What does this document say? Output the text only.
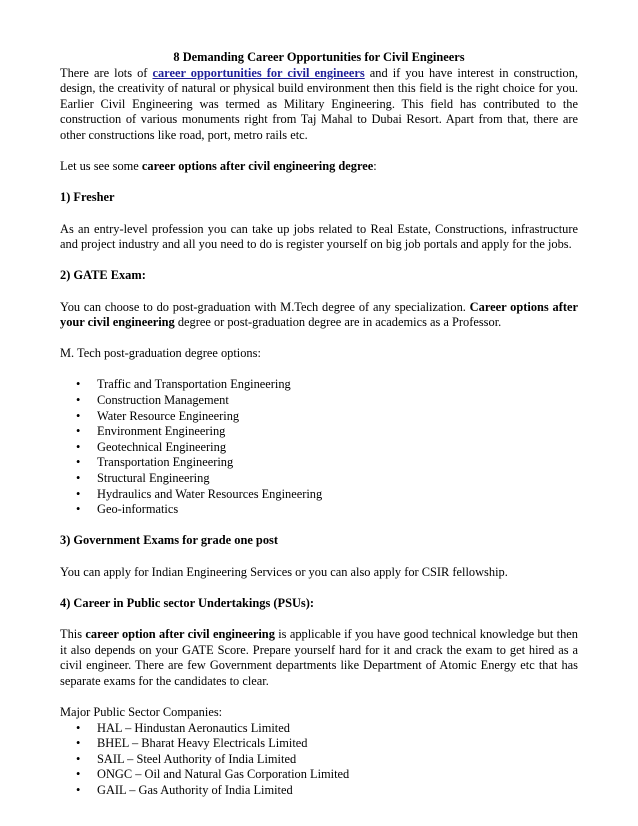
8 Demanding Career Opportunities for Civil Engineers

There are lots of career opportunities for civil engineers and if you have interest in construction, design, the creativity of natural or physical build environment then this field is the right choice for you. Earlier Civil Engineering was termed as Military Engineering. This field has contributed to the construction of various monuments right from Taj Mahal to Dubai Resort. Apart from that, there are other constructions like road, port, metro rails etc.

Let us see some career options after civil engineering degree:

1) Fresher

As an entry-level profession you can take up jobs related to Real Estate, Constructions, infrastructure and project industry and all you need to do is register yourself on big job portals and apply for the jobs.

2) GATE Exam:

You can choose to do post-graduation with M.Tech degree of any specialization. Career options after your civil engineering degree or post-graduation degree are in academics as a Professor.

M. Tech post-graduation degree options:

• Traffic and Transportation Engineering
• Construction Management
• Water Resource Engineering
• Environment Engineering
• Geotechnical Engineering
• Transportation Engineering
• Structural Engineering
• Hydraulics and Water Resources Engineering
• Geo-informatics

3) Government Exams for grade one post

You can apply for Indian Engineering Services or you can also apply for CSIR fellowship.

4) Career in Public sector Undertakings (PSUs):

This career option after civil engineering is applicable if you have good technical knowledge but then it also depends on your GATE Score. Prepare yourself hard for it and crack the exam to get hired as a civil engineer. There are few Government departments like Department of Atomic Energy etc that has separate exams for the candidates to clear.

Major Public Sector Companies:

• HAL – Hindustan Aeronautics Limited
• BHEL – Bharat Heavy Electricals Limited
• SAIL – Steel Authority of India Limited
• ONGC – Oil and Natural Gas Corporation Limited
• GAIL – Gas Authority of India Limited
